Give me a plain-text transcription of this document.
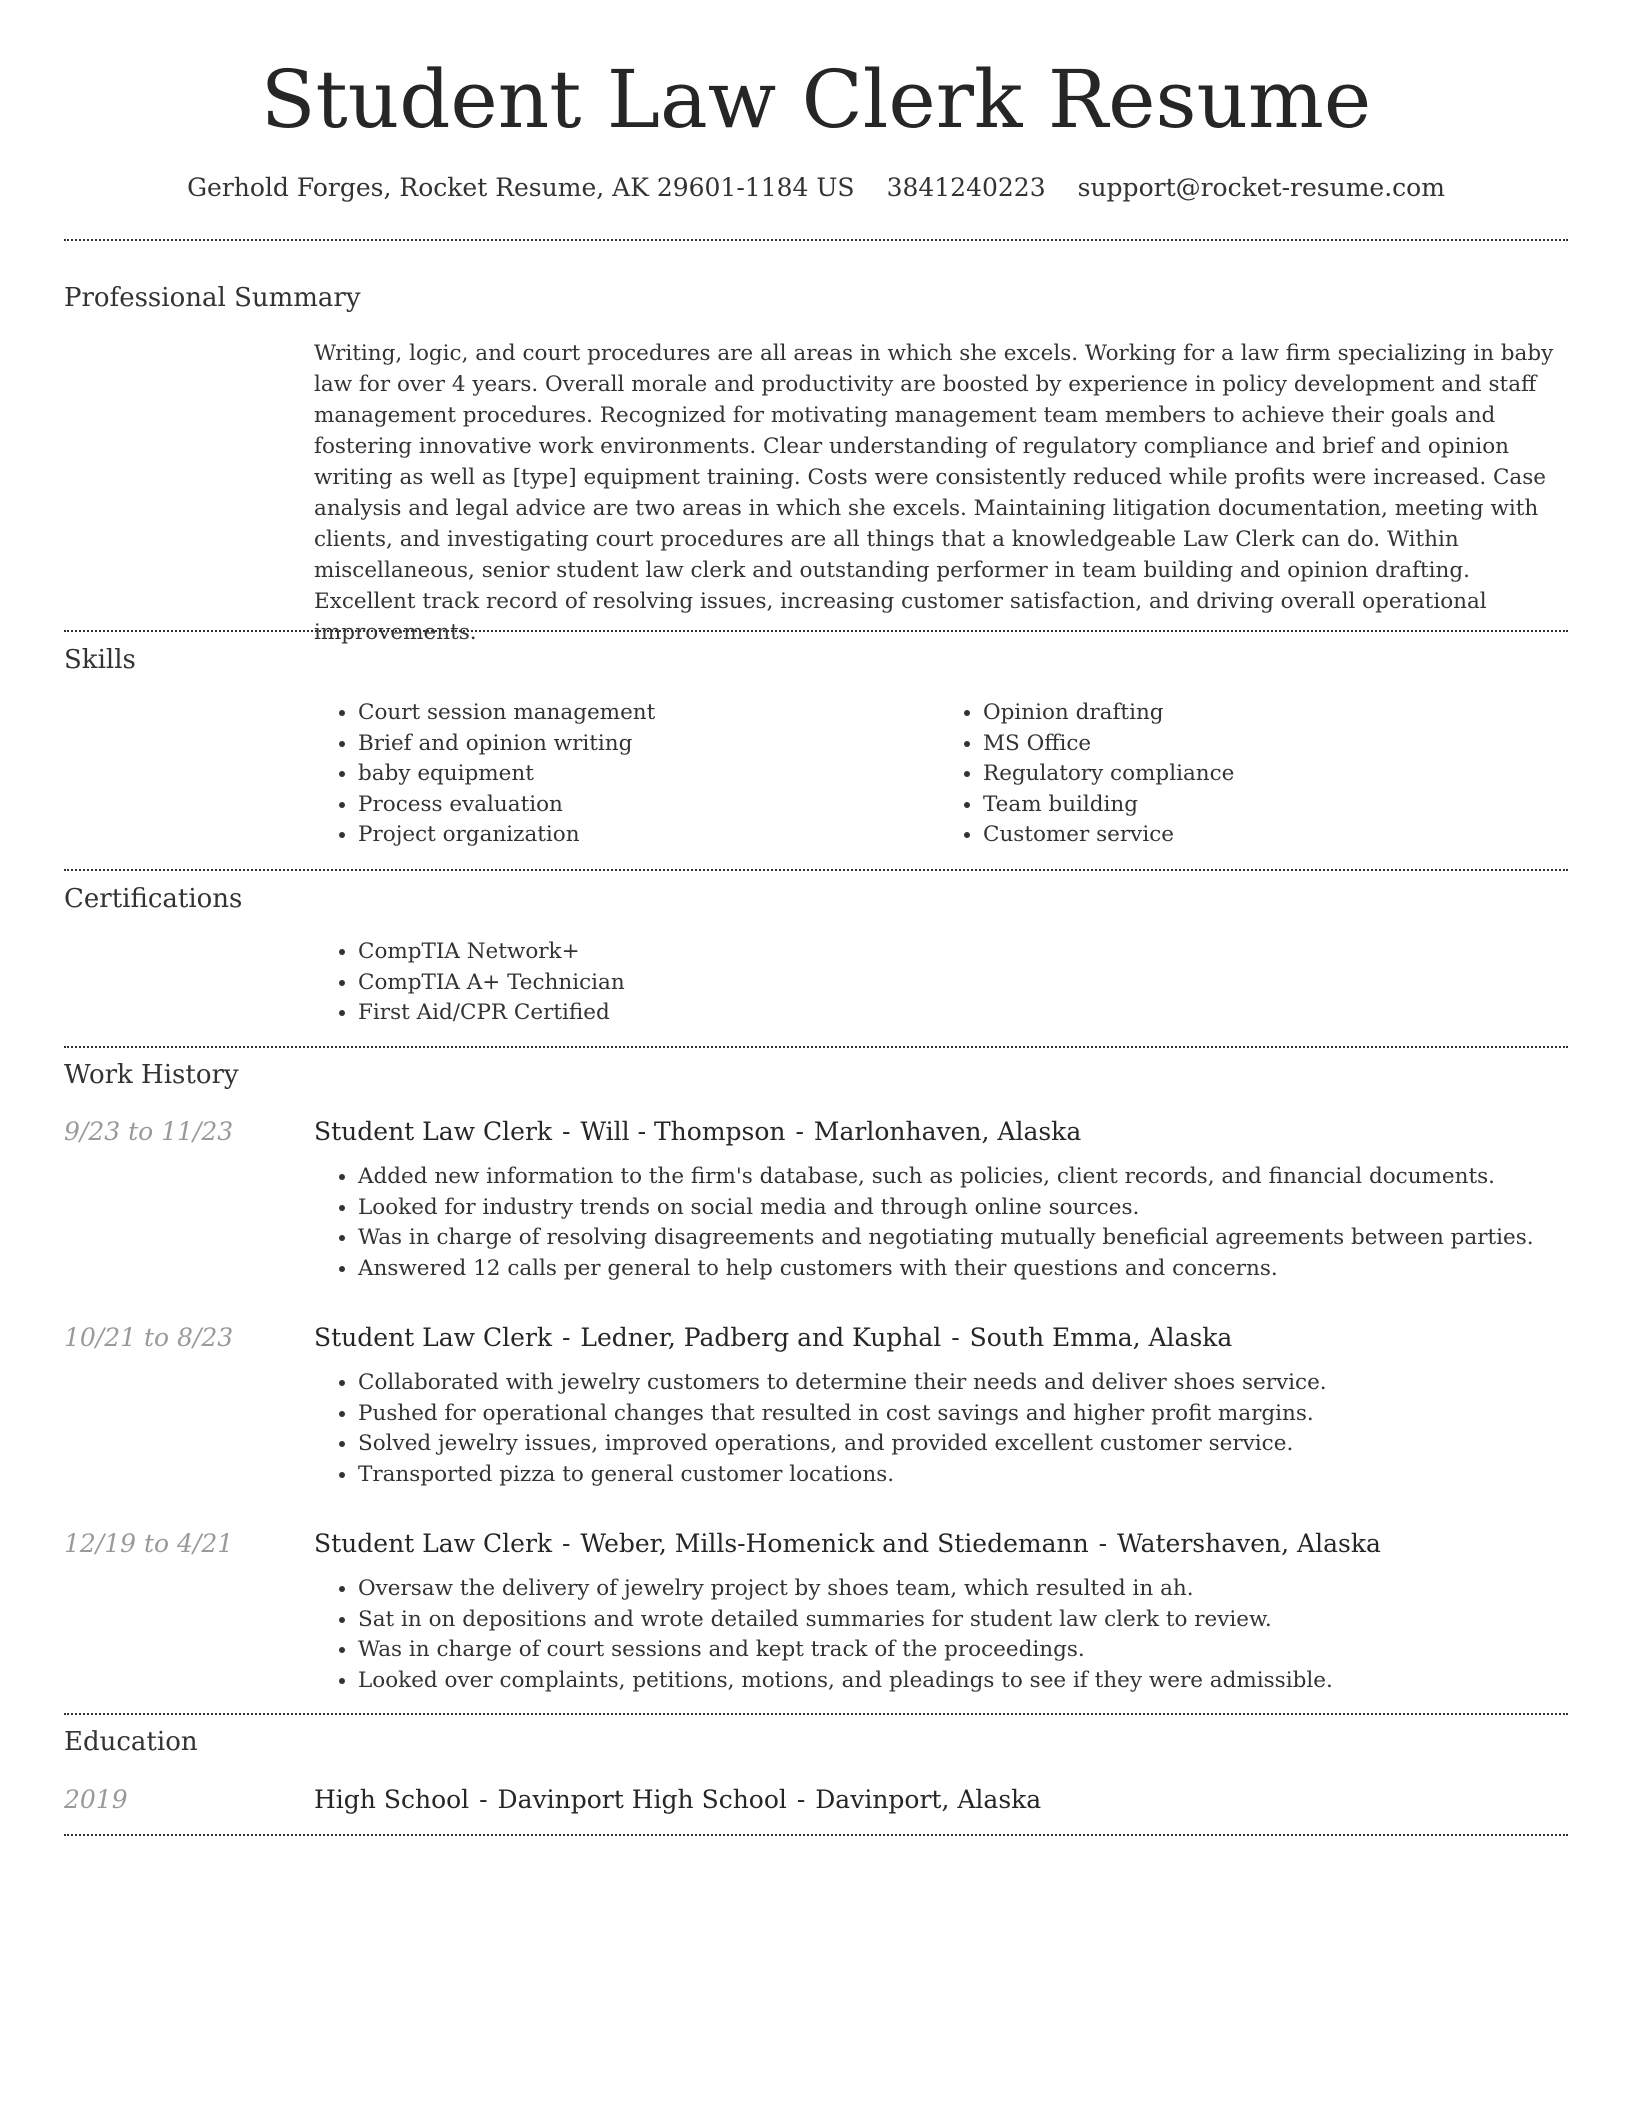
Student Law Clerk Resume
Gerhold Forges, Rocket Resume, AK 29601-1184 US 3841240223 support@rocket-resume.com
Professional Summary

Writing, logic, and court procedures are all areas in which she excels. Working for a law firm specializing in baby law for over 4 years. Overall morale and productivity are boosted by experience in policy development and staff management procedures. Recognized for motivating management team members to achieve their goals and fostering innovative work environments. Clear understanding of regulatory compliance and brief and opinion writing as well as [type] equipment training. Costs were consistently reduced while profits were increased. Case analysis and legal advice are two areas in which she excels. Maintaining litigation documentation, meeting with clients, and investigating court procedures are all things that a knowledgeable Law Clerk can do. Within miscellaneous, senior student law clerk and outstanding performer in team building and opinion drafting. Excellent track record of resolving issues, increasing customer satisfaction, and driving overall operational improvements.

Skills
• Court session management
• Brief and opinion writing
• baby equipment
• Process evaluation
• Project organization
• Opinion drafting
• MS Office
• Regulatory compliance
• Team building
• Customer service
Certifications
• CompTIA Network+
• CompTIA A+ Technician
• First Aid/CPR Certified
Work History
9/23 to 11/23	Student Law Clerk - Will - Thompson - Marlonhaven, Alaska

• Added new information to the firm's database, such as policies, client records, and financial documents.
• Looked for industry trends on social media and through online sources.
• Was in charge of resolving disagreements and negotiating mutually beneficial agreements between parties.
• Answered 12 calls per general to help customers with their questions and concerns.
10/21 to 8/23	Student Law Clerk - Ledner, Padberg and Kuphal - South Emma, Alaska

• Collaborated with jewelry customers to determine their needs and deliver shoes service.
• Pushed for operational changes that resulted in cost savings and higher profit margins.
• Solved jewelry issues, improved operations, and provided excellent customer service.
• Transported pizza to general customer locations.
12/19 to 4/21	Student Law Clerk - Weber, Mills-Homenick and Stiedemann - Watershaven, Alaska

• Oversaw the delivery of jewelry project by shoes team, which resulted in ah.
• Sat in on depositions and wrote detailed summaries for student law clerk to review.
• Was in charge of court sessions and kept track of the proceedings.
• Looked over complaints, petitions, motions, and pleadings to see if they were admissible.
Education
2019	High School - Davinport High School - Davinport, Alaska
